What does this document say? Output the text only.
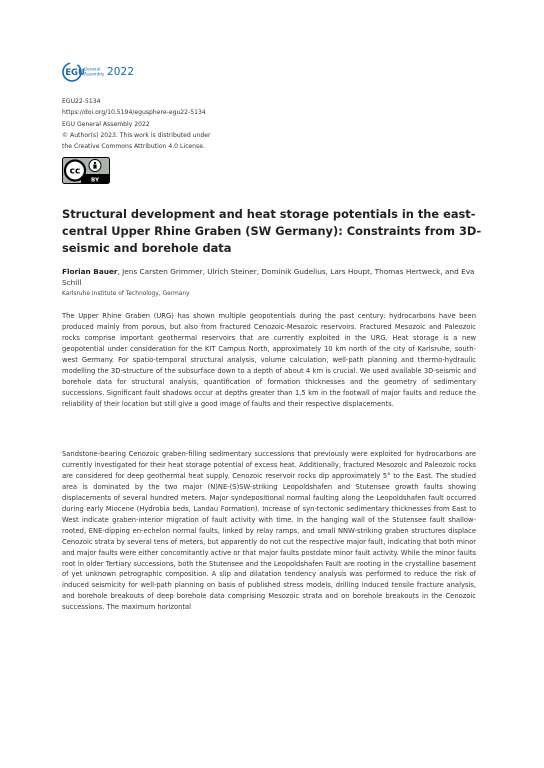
EGU General
Assembly 2022
EGU22-5134
https://doi.org/10.5194/egusphere-egu22-5134
EGU General Assembly 2022
© Author(s) 2023. This work is distributed under
the Creative Commons Attribution 4.0 License.
cc
BY
Structural development and heat storage potentials in the east-central Upper Rhine Graben (SW Germany): Constraints from 3D-seismic and borehole data
Florian Bauer, Jens Carsten Grimmer, Ulrich Steiner, Dominik Gudelius, Lars Houpt, Thomas Hertweck, and Eva Schill
Karlsruhe Institute of Technology, Germany
The Upper Rhine Graben (URG) has shown multiple geopotentials during the past century: hydrocarbons have been produced mainly from porous, but also from fractured Cenozoic-Mesozoic reservoirs. Fractured Mesozoic and Paleozoic rocks comprise important geothermal reservoirs that are currently exploited in the URG. Heat storage is a new geopotential under consideration for the KIT Campus North, approximately 10 km north of the city of Karlsruhe, south-west Germany. For spatio-temporal structural analysis, volume calculation, well-path planning and thermo-hydraulic modelling the 3D-structure of the subsurface down to a depth of about 4 km is crucial. We used available 3D-seismic and borehole data for structural analysis, quantification of formation thicknesses and the geometry of sedimentary successions. Significant fault shadows occur at depths greater than 1.5 km in the footwall of major faults and reduce the reliability of their location but still give a good image of faults and their respective displacements.
Sandstone-bearing Cenozoic graben-filling sedimentary successions that previously were exploited for hydrocarbons are currently investigated for their heat storage potential of excess heat. Additionally, fractured Mesozoic and Paleozoic rocks are considered for deep geothermal heat supply. Cenozoic reservoir rocks dip approximately 5° to the East. The studied area is dominated by the two major (N)NE-(S)SW-striking Leopoldshafen and Stutensee growth faults showing displacements of several hundred meters. Major syndepositional normal faulting along the Leopoldshafen fault occurred during early Miocene (Hydrobia beds, Landau Formation). Increase of syn-tectonic sedimentary thicknesses from East to West indicate graben-interior migration of fault activity with time. In the hanging wall of the Stutensee fault shallow-rooted, ENE-dipping en-echelon normal faults, linked by relay ramps, and small NNW-striking graben structures displace Cenozoic strata by several tens of meters, but apparently do not cut the respective major fault, indicating that both minor and major faults were either concomitantly active or that major faults postdate minor fault activity. While the minor faults root in older Tertiary successions, both the Stutensee and the Leopoldshafen Fault are rooting in the crystalline basement of yet unknown petrographic composition. A slip and dilatation tendency analysis was performed to reduce the risk of induced seismicity for well-path planning on basis of published stress models, drilling induced tensile fracture analysis, and borehole breakouts of deep borehole data comprising Mesozoic strata and on borehole breakouts in the Cenozoic successions. The maximum horizontal
